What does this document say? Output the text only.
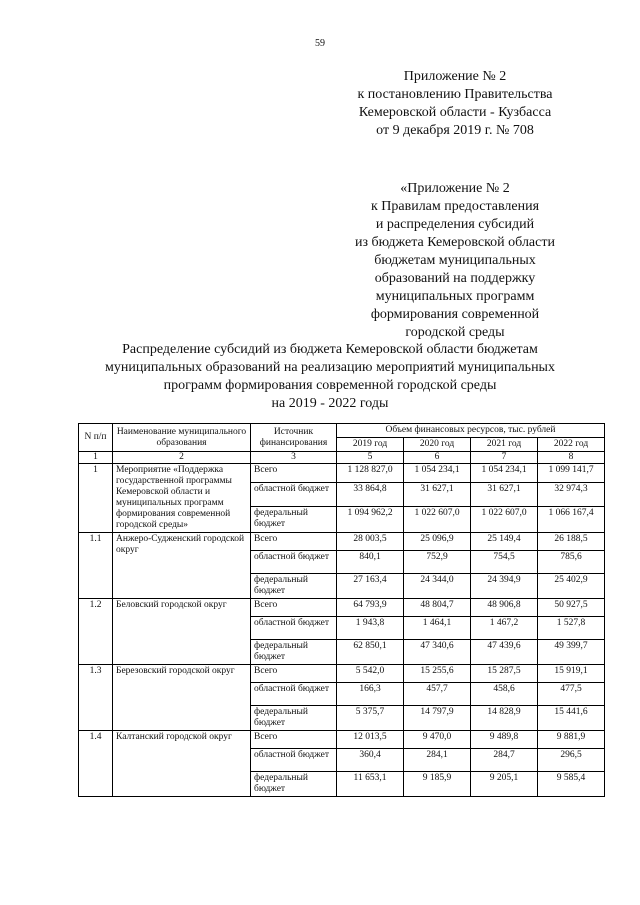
59
Приложение № 2
к постановлению Правительства
Кемеровской области - Кузбасса
от 9 декабря 2019 г. № 708
«Приложение № 2
к Правилам предоставления
и распределения субсидий
из бюджета Кемеровской области
бюджетам муниципальных
образований на поддержку
муниципальных программ
формирования современной
городской среды
Распределение субсидий из бюджета Кемеровской области бюджетам
муниципальных образований на реализацию мероприятий муниципальных
программ формирования современной городской среды
на 2019 - 2022 годы
N п/п	Наименование муниципального образования	Источник финансирования	Объем финансовых ресурсов, тыс. рублей			
			2019 год	2020 год	2021 год	2022 год
1	2	3	5	6	7	8
1	Мероприятие «Поддержка государственной программы Кемеровской области и муниципальных программ формирования современной городской среды»	Всего	1 128 827,0	1 054 234,1	1 054 234,1	1 099 141,7
		областной бюджет	33 864,8	31 627,1	31 627,1	32 974,3
		федеральный бюджет	1 094 962,2	1 022 607,0	1 022 607,0	1 066 167,4
1.1	Анжеро-Судженский городской округ	Всего	28 003,5	25 096,9	25 149,4	26 188,5
		областной бюджет	840,1	752,9	754,5	785,6
		федеральный бюджет	27 163,4	24 344,0	24 394,9	25 402,9
1.2	Беловский городской округ	Всего	64 793,9	48 804,7	48 906,8	50 927,5
		областной бюджет	1 943,8	1 464,1	1 467,2	1 527,8
		федеральный бюджет	62 850,1	47 340,6	47 439,6	49 399,7
1.3	Березовский городской округ	Всего	5 542,0	15 255,6	15 287,5	15 919,1
		областной бюджет	166,3	457,7	458,6	477,5
		федеральный бюджет	5 375,7	14 797,9	14 828,9	15 441,6
1.4	Калтанский городской округ	Всего	12 013,5	9 470,0	9 489,8	9 881,9
		областной бюджет	360,4	284,1	284,7	296,5
		федеральный бюджет	11 653,1	9 185,9	9 205,1	9 585,4
